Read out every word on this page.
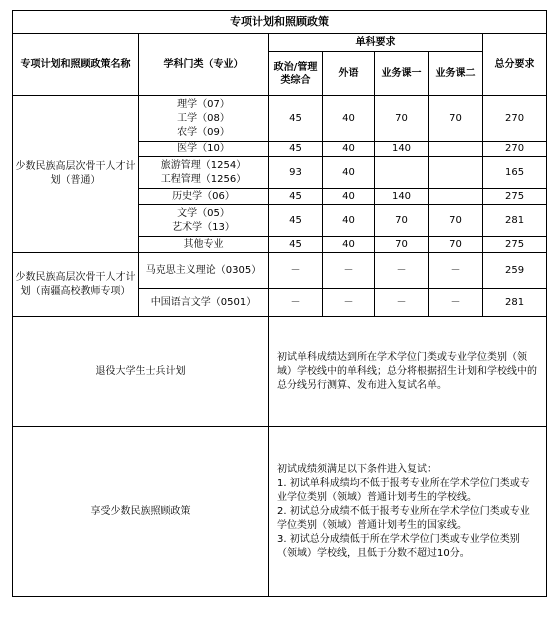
专项计划和照顾政策						
专项计划和照顾政策名称	学科门类（专业）	单科要求				总分要求
		政治/管理类综合	外语	业务课一	业务课二	
少数民族高层次骨干人才计划（普通）	理学（07）
工学（08）
农学（09）	45	40	70	70	270

	医学（10）	45	40	140		270

	旅游管理（1254）
工程管理（1256）	93	40			165

	历史学（06）	45	40	140		275

	文学（05）
艺术学（13）	45	40	70	70	281

	其他专业	45	40	70	70	275
少数民族高层次骨干人才计划（南疆高校教师专项）	马克思主义理论（0305）	－	－	－	－	259

	中国语言文学（0501）	－	－	－	－	281
退役大学生士兵计划		初试单科成绩达到所在学术学位门类或专业学位类别（领域）学校线中的单科线；总分将根据招生计划和学校线中的总分线另行测算、发布进入复试名单。				

享受少数民族照顾政策		初试成绩须满足以下条件进入复试：

1. 初试单科成绩均不低于报考专业所在学术学位门类或专业学位类别（领域）普通计划考生的学校线。

2. 初试总分成绩不低于报考专业所在学术学位门类或专业学位类别（领域）普通计划考生的国家线。

3. 初试总分成绩低于所在学术学位门类或专业学位类别（领域）学校线，且低于分数不超过10分。				
